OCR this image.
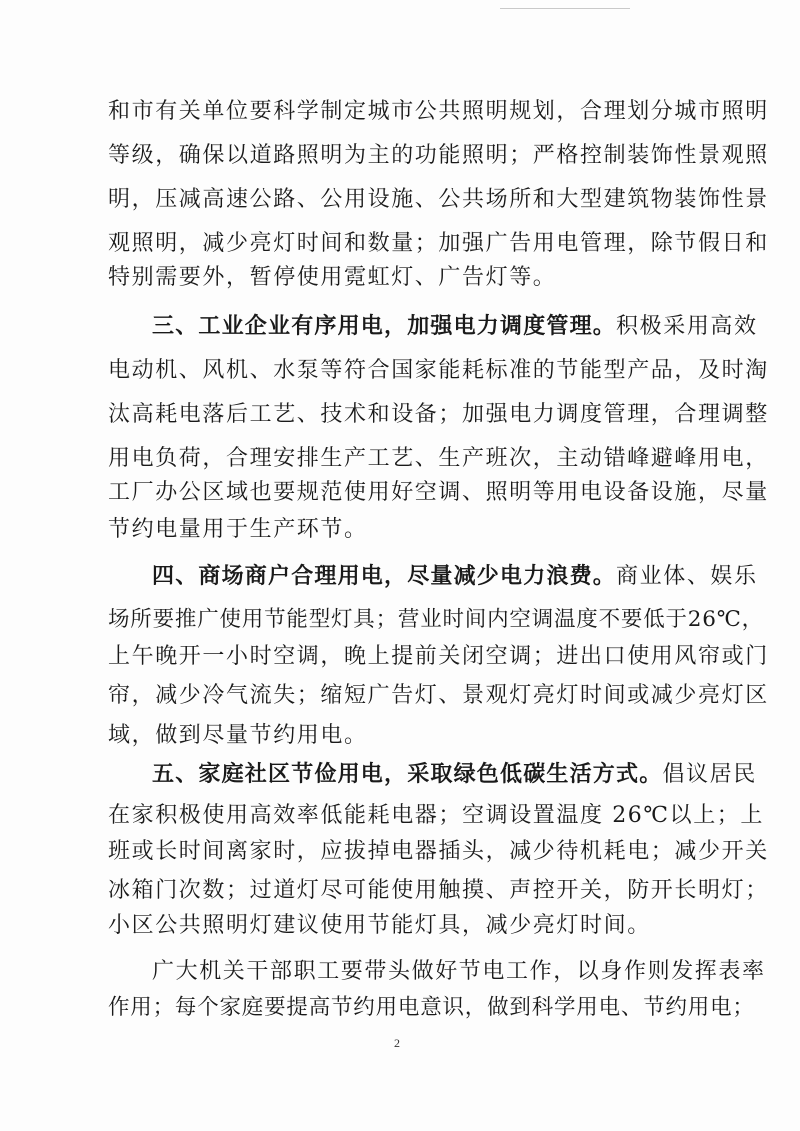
和市有关单位要科学制定城市公共照明规划，合理划分城市照明
等级，确保以道路照明为主的功能照明；严格控制装饰性景观照
明，压减高速公路、公用设施、公共场所和大型建筑物装饰性景
观照明，减少亮灯时间和数量；加强广告用电管理，除节假日和
特别需要外，暂停使用霓虹灯、广告灯等。
三、工业企业有序用电，加强电力调度管理。积极采用高效
电动机、风机、水泵等符合国家能耗标准的节能型产品，及时淘
汰高耗电落后工艺、技术和设备；加强电力调度管理，合理调整
用电负荷，合理安排生产工艺、生产班次，主动错峰避峰用电，
工厂办公区域也要规范使用好空调、照明等用电设备设施，尽量
节约电量用于生产环节。
四、商场商户合理用电，尽量减少电力浪费。商业体、娱乐
场所要推广使用节能型灯具；营业时间内空调温度不要低于26℃，
上午晚开一小时空调，晚上提前关闭空调；进出口使用风帘或门
帘，减少冷气流失；缩短广告灯、景观灯亮灯时间或减少亮灯区
域，做到尽量节约用电。
五、家庭社区节俭用电，采取绿色低碳生活方式。倡议居民
在家积极使用高效率低能耗电器；空调设置温度 26℃以上；上
班或长时间离家时，应拔掉电器插头，减少待机耗电；减少开关
冰箱门次数；过道灯尽可能使用触摸、声控开关，防开长明灯；
小区公共照明灯建议使用节能灯具，减少亮灯时间。
广大机关干部职工要带头做好节电工作，以身作则发挥表率
作用；每个家庭要提高节约用电意识，做到科学用电、节约用电；
2
